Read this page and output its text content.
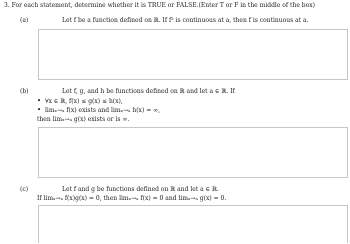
3. For each statement, determine whether it is TRUE or FALSE.(Enter T or F in the middle of the box)
(a)	Let f be a function defined on ℝ. If f² is continuous at a, then f is continuous at a.
(b)	Let f, g, and h be functions defined on ℝ and let a ∈ ℝ. If
• ∀x ∈ ℝ, f(x) ≤ g(x) ≤ h(x),
• limₓ→ₐ f(x) exists and limₓ→ₐ h(x) = ∞,
then limₓ→ₐ g(x) exists or is ∞.
(c)	Let f and g be functions defined on ℝ and let a ∈ ℝ.
If limₓ→ₐ f(x)g(x) = 0, then limₓ→ₐ f(x) = 0 and limₓ→ₐ g(x) = 0.
